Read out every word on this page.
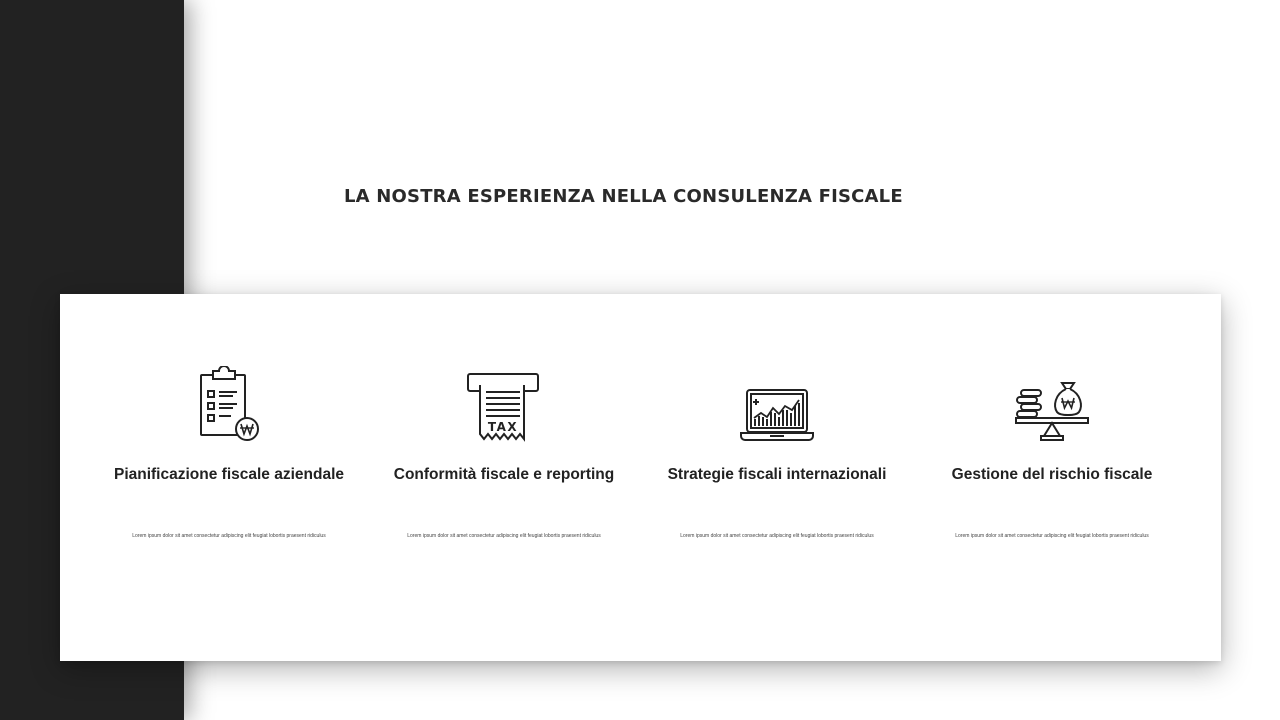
LA NOSTRA ESPERIENZA NELLA CONSULENZA FISCALE
Pianificazione fiscale aziendale
Lorem ipsum dolor sit amet consectetur adipiscing elit feugiat lobortis praesent ridiculus
TAX
Conformità fiscale e reporting
Lorem ipsum dolor sit amet consectetur adipiscing elit feugiat lobortis praesent ridiculus
Strategie fiscali internazionali
Lorem ipsum dolor sit amet consectetur adipiscing elit feugiat lobortis praesent ridiculus
Gestione del rischio fiscale
Lorem ipsum dolor sit amet consectetur adipiscing elit feugiat lobortis praesent ridiculus
